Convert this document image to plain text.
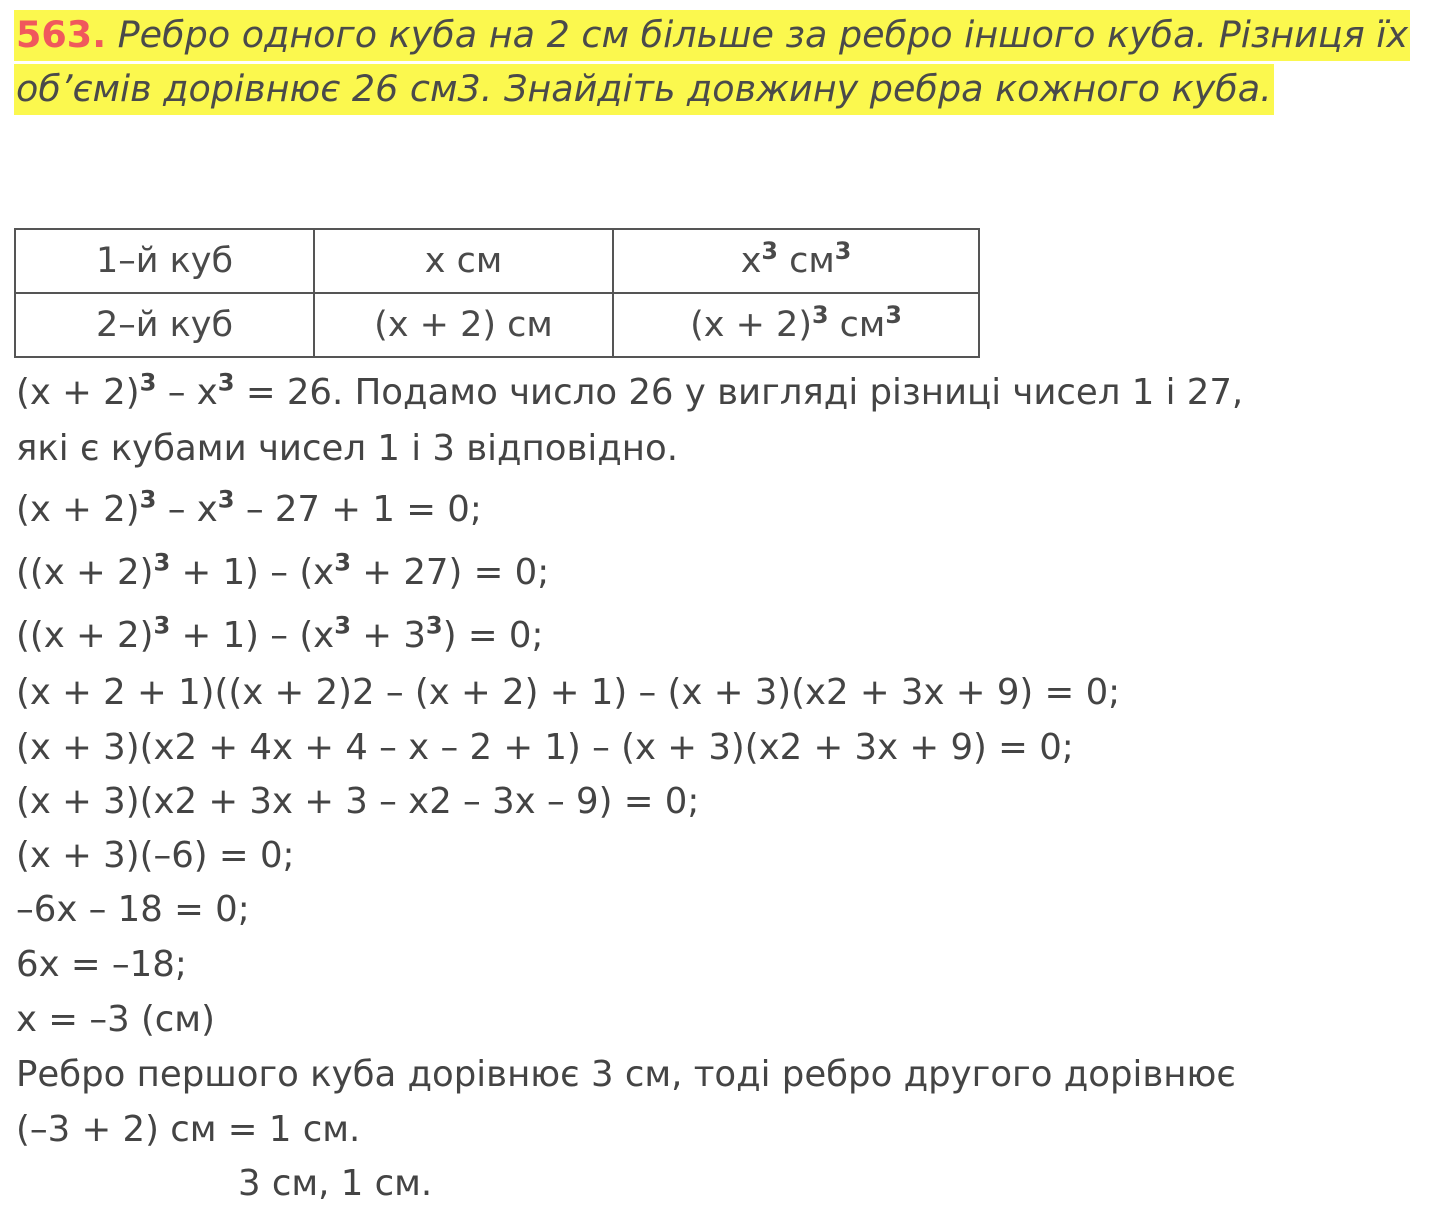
563. Ребро одного куба на 2 см більше за ребро іншого куба. Різниця їх об’ємів дорівнює 26 см3. Знайдіть довжину ребра кожного куба.
1–й куб	x см	$x^3$ $см^3$
2–й куб	(x + 2) см	$(x + 2)^3$ $см^3$
$(x + 2)^3 - x^3 = 26$. Подамо число 26 у вигляді різниці чисел 1 і 27,
які є кубами чисел 1 і 3 відповідно.
$(x + 2)^3 - x^3 - 27 + 1 = 0$;
$((x + 2)^3 + 1) - (x^3 + 27) = 0$;
$((x + 2)^3 + 1) - (x^3 + 3^3) = 0$;
(x + 2 + 1)((x + 2)2 – (x + 2) + 1) – (x + 3)(x2 + 3x + 9) = 0;
(x + 3)(x2 + 4x + 4 – x – 2 + 1) – (x + 3)(x2 + 3x + 9) = 0;
(x + 3)(x2 + 3x + 3 – x2 – 3x – 9) = 0;
(x + 3)(–6) = 0;
–6x – 18 = 0;
6x = –18;
x = –3 (см)
Ребро першого куба дорівнює 3 см, тоді ребро другого дорівнює
(–3 + 2) см = 1 см.
3 см, 1 см.
